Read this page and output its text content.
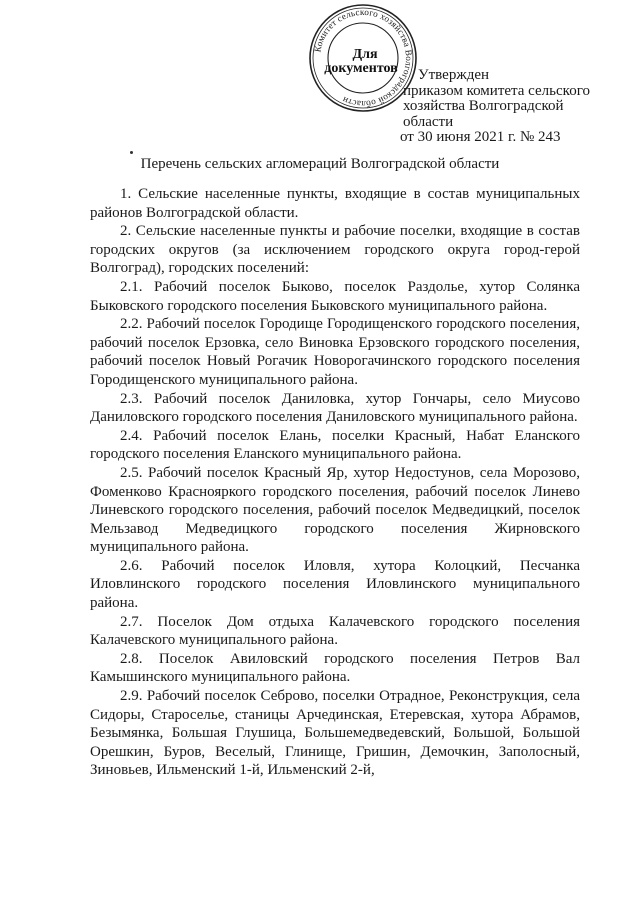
Комитет сельского хозяйства Волгоградской области
Для
документов	Утвержден
приказом комитета сельского
хозяйства Волгоградской
области
от 30 июня 2021 г. № 243
Перечень сельских агломераций Волгоградской области

1. Сельские населенные пункты, входящие в состав муниципальных районов Волгоградской области.

2. Сельские населенные пункты и рабочие поселки, входящие в состав городских округов (за исключением городского округа город-герой Волгоград), городских поселений:

2.1. Рабочий поселок Быково, поселок Раздолье, хутор Солянка Быковского городского поселения Быковского муниципального района.

2.2. Рабочий поселок Городище Городищенского городского поселения, рабочий поселок Ерзовка, село Виновка Ерзовского городского поселения, рабочий поселок Новый Рогачик Новорогачинского городского поселения Городищенского муниципального района.

2.3. Рабочий поселок Даниловка, хутор Гончары, село Миусово Даниловского городского поселения Даниловского муниципального района.

2.4. Рабочий поселок Елань, поселки Красный, Набат Еланского городского поселения Еланского муниципального района.

2.5. Рабочий поселок Красный Яр, хутор Недостунов, села Морозово, Фоменково Краснояркого городского поселения, рабочий поселок Линево Линевского городского поселения, рабочий поселок Медведицкий, поселок Мельзавод Медведицкого городского поселения Жирновского муниципального района.

2.6. Рабочий поселок Иловля, хутора Колоцкий, Песчанка Иловлинского городского поселения Иловлинского муниципального района.

2.7. Поселок Дом отдыха Калачевского городского поселения Калачевского муниципального района.

2.8. Поселок Авиловский городского поселения Петров Вал Камышинского муниципального района.

2.9. Рабочий поселок Себрово, поселки Отрадное, Реконструкция, села Сидоры, Староселье, станицы Арчединская, Етеревская, хутора Абрамов, Безымянка, Большая Глушица, Большемедведевский, Большой, Большой Орешкин, Буров, Веселый, Глинище, Гришин, Демочкин, Заполосный, Зиновьев, Ильменский 1-й, Ильменский 2-й,
